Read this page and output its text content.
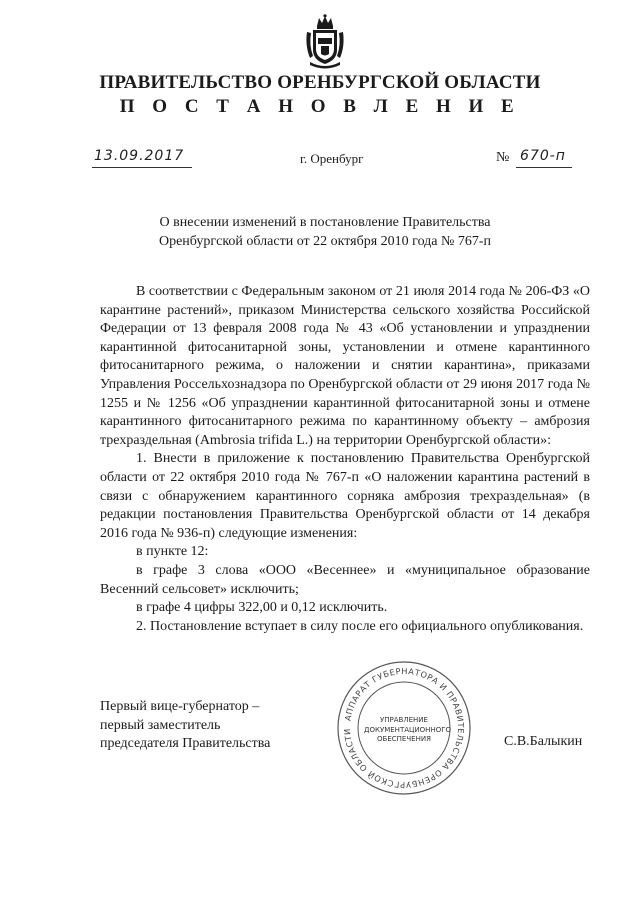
ПРАВИТЕЛЬСТВО ОРЕНБУРГСКОЙ ОБЛАСТИ
П О С Т А Н О В Л Е Н И Е
13.09.2017	г. Оренбург	№ 670-п
О внесении изменений в постановление Правительства
Оренбургской области от 22 октября 2010 года № 767-п

В соответствии с Федеральным законом от 21 июля 2014 года № 206-ФЗ «О карантине растений», приказом Министерства сельского хозяйства Российской Федерации от 13 февраля 2008 года № 43 «Об установлении и упразднении карантинной фитосанитарной зоны, установлении и отмене карантинного фитосанитарного режима, о наложении и снятии карантина», приказами Управления Россельхознадзора по Оренбургской области от 29 июня 2017 года № 1255 и № 1256 «Об упразднении карантинной фитосанитарной зоны и отмене карантинного фитосанитарного режима по карантинному объекту – амброзия трехраздельная (Ambrosia trifida L.) на территории Оренбургской области»:

1. Внести в приложение к постановлению Правительства Оренбургской области от 22 октября 2010 года № 767-п «О наложении карантина растений в связи с обнаружением карантинного сорняка амброзия трехраздельная» (в редакции постановления Правительства Оренбургской области от 14 декабря 2016 года № 936-п) следующие изменения:

в пункте 12:

в графе 3 слова «ООО «Весеннее» и «муниципальное образование Весенний сельсовет» исключить;

в графе 4 цифры 322,00 и 0,12 исключить.

2. Постановление вступает в силу после его официального опубликования.

Первый вице-губернатор –
первый заместитель
председателя Правительства
АППАРАТ ГУБЕРНАТОРА И ПРАВИТЕЛЬСТВА ОРЕНБУРГСКОЙ ОБЛАСТИ
УПРАВЛЕНИЕ
ДОКУМЕНТАЦИОННОГО
ОБЕСПЕЧЕНИЯ	С.В.Балыкин
